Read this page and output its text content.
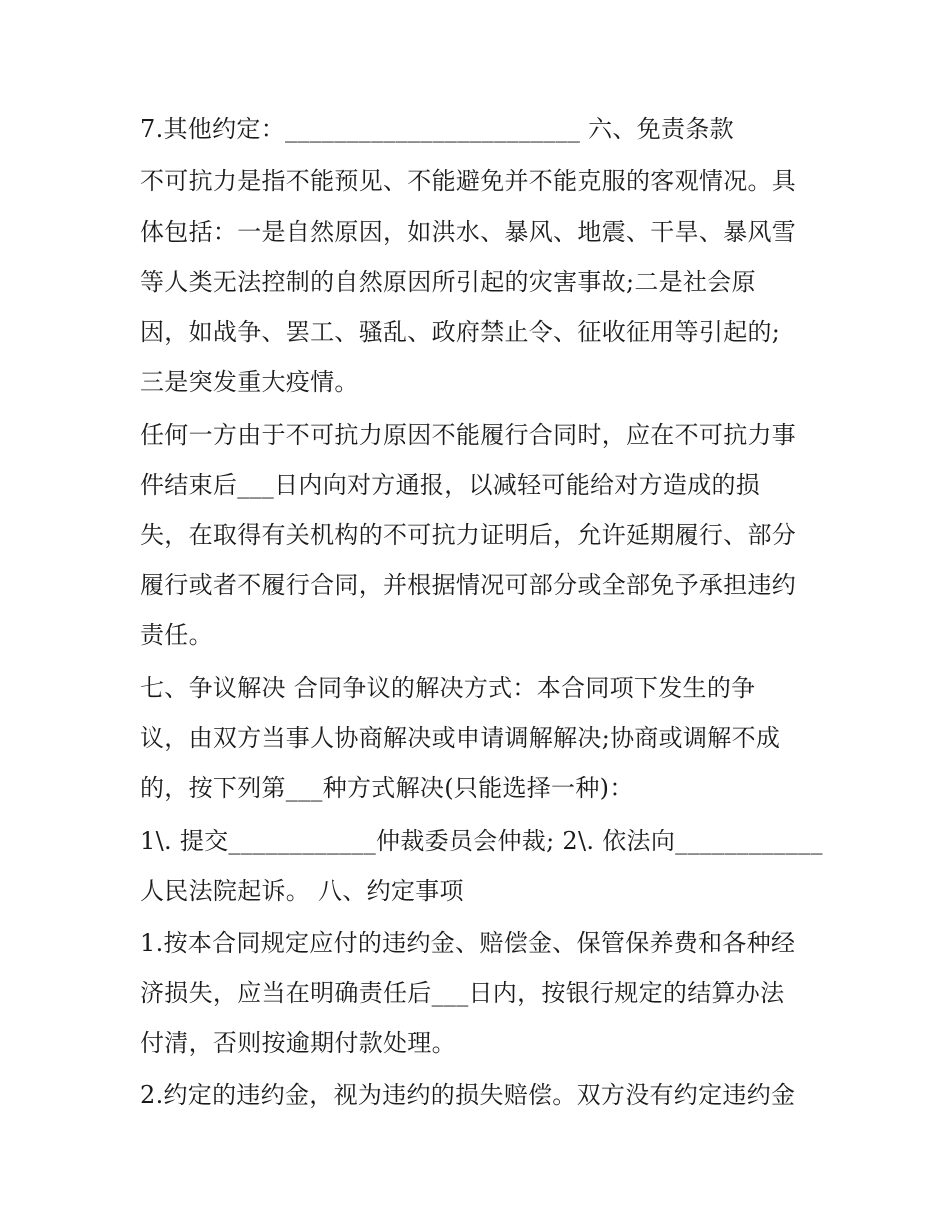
7.其他约定：________________________ 六、免责条款

不可抗力是指不能预见、不能避免并不能克服的客观情况。具

体包括：一是自然原因，如洪水、暴风、地震、干旱、暴风雪

等人类无法控制的自然原因所引起的灾害事故;二是社会原

因，如战争、罢工、骚乱、政府禁止令、征收征用等引起的;

三是突发重大疫情。

任何一方由于不可抗力原因不能履行合同时，应在不可抗力事

件结束后___日内向对方通报，以减轻可能给对方造成的损

失，在取得有关机构的不可抗力证明后，允许延期履行、部分

履行或者不履行合同，并根据情况可部分或全部免予承担违约

责任。

七、争议解决 合同争议的解决方式：本合同项下发生的争

议，由双方当事人协商解决或申请调解解决;协商或调解不成

的，按下列第___种方式解决(只能选择一种)：

1\. 提交____________仲裁委员会仲裁; 2\. 依法向____________

人民法院起诉。 八、约定事项

1.按本合同规定应付的违约金、赔偿金、保管保养费和各种经

济损失，应当在明确责任后___日内，按银行规定的结算办法

付清，否则按逾期付款处理。

2.约定的违约金，视为违约的损失赔偿。双方没有约定违约金
